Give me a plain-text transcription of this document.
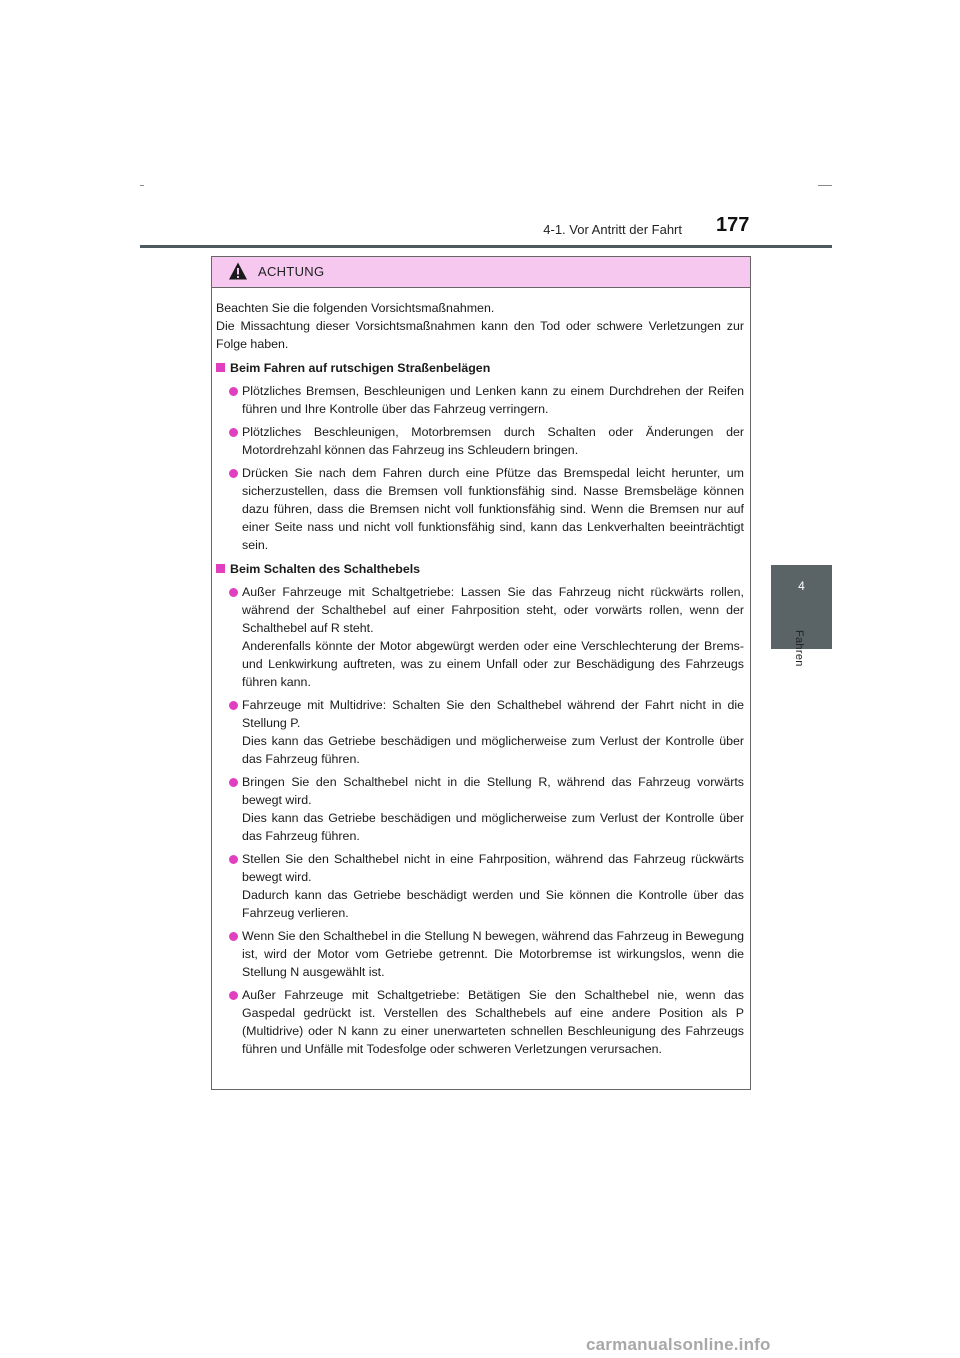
4-1. Vor Antritt der Fahrt 177
4
Fahren
ACHTUNG

Beachten Sie die folgenden Vorsichtsmaßnahmen.

Die Missachtung dieser Vorsichtsmaßnahmen kann den Tod oder schwere Verletzungen zur Folge haben.

Beim Fahren auf rutschigen Straßenbelägen

Plötzliches Bremsen, Beschleunigen und Lenken kann zu einem Durchdrehen der Reifen führen und Ihre Kontrolle über das Fahrzeug verringern.

Plötzliches Beschleunigen, Motorbremsen durch Schalten oder Änderungen der Motordrehzahl können das Fahrzeug ins Schleudern bringen.

Drücken Sie nach dem Fahren durch eine Pfütze das Bremspedal leicht herunter, um sicherzustellen, dass die Bremsen voll funktionsfähig sind. Nasse Bremsbeläge können dazu führen, dass die Bremsen nicht voll funktionsfähig sind. Wenn die Bremsen nur auf einer Seite nass und nicht voll funktionsfähig sind, kann das Lenkverhalten beeinträchtigt sein.

Beim Schalten des Schalthebels

Außer Fahrzeuge mit Schaltgetriebe: Lassen Sie das Fahrzeug nicht rückwärts rollen, während der Schalthebel auf einer Fahrposition steht, oder vorwärts rollen, wenn der Schalthebel auf R steht.

Anderenfalls könnte der Motor abgewürgt werden oder eine Verschlechterung der Brems- und Lenkwirkung auftreten, was zu einem Unfall oder zur Beschädigung des Fahrzeugs führen kann.

Fahrzeuge mit Multidrive: Schalten Sie den Schalthebel während der Fahrt nicht in die Stellung P.

Dies kann das Getriebe beschädigen und möglicherweise zum Verlust der Kontrolle über das Fahrzeug führen.

Bringen Sie den Schalthebel nicht in die Stellung R, während das Fahrzeug vorwärts bewegt wird.

Dies kann das Getriebe beschädigen und möglicherweise zum Verlust der Kontrolle über das Fahrzeug führen.

Stellen Sie den Schalthebel nicht in eine Fahrposition, während das Fahrzeug rückwärts bewegt wird.

Dadurch kann das Getriebe beschädigt werden und Sie können die Kontrolle über das Fahrzeug verlieren.

Wenn Sie den Schalthebel in die Stellung N bewegen, während das Fahrzeug in Bewegung ist, wird der Motor vom Getriebe getrennt. Die Motorbremse ist wirkungslos, wenn die Stellung N ausgewählt ist.

Außer Fahrzeuge mit Schaltgetriebe: Betätigen Sie den Schalthebel nie, wenn das Gaspedal gedrückt ist. Verstellen des Schalthebels auf eine andere Position als P (Multidrive) oder N kann zu einer unerwarteten schnellen Beschleunigung des Fahrzeugs führen und Unfälle mit Todesfolge oder schweren Verletzungen verursachen.

carmanualsonline.info
